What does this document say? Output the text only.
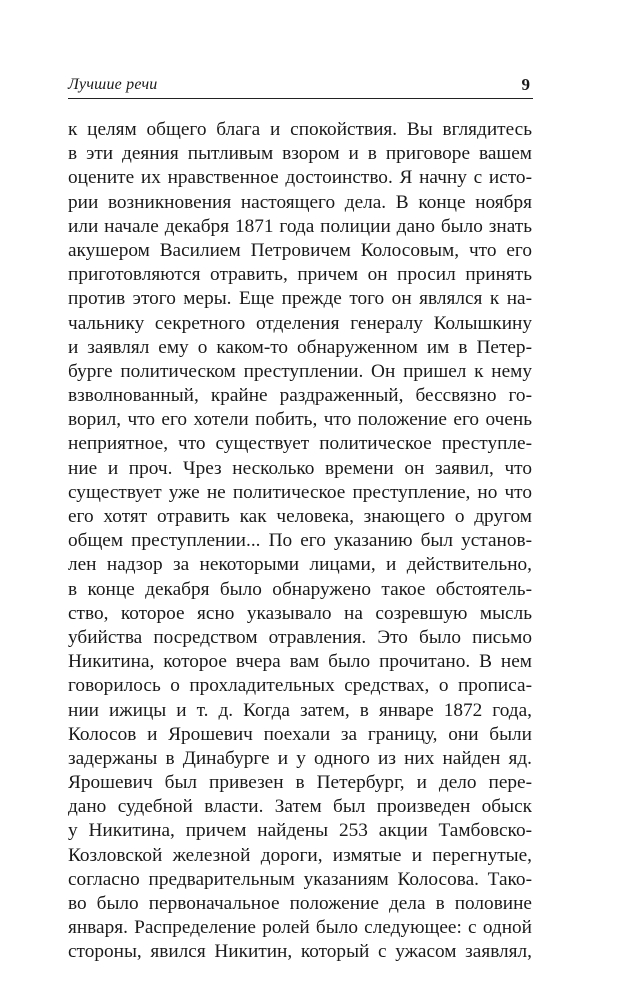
Лучшие речи	9
к целям общего блага и спокойствия. Вы вглядитесь
в эти деяния пытливым взором и в приговоре вашем
оцените их нравственное достоинство. Я начну с исто-
рии возникновения настоящего дела. В конце ноября
или начале декабря 1871 года полиции дано было знать
акушером Василием Петровичем Колосовым, что его
приготовляются отравить, причем он просил принять
против этого меры. Еще прежде того он являлся к на-
чальнику секретного отделения генералу Колышкину
и заявлял ему о каком-то обнаруженном им в Петер-
бурге политическом преступлении. Он пришел к нему
взволнованный, крайне раздраженный, бессвязно го-
ворил, что его хотели побить, что положение его очень
неприятное, что существует политическое преступле-
ние и проч. Чрез несколько времени он заявил, что
существует уже не политическое преступление, но что
его хотят отравить как человека, знающего о другом
общем преступлении... По его указанию был установ-
лен надзор за некоторыми лицами, и действительно,
в конце декабря было обнаружено такое обстоятель-
ство, которое ясно указывало на созревшую мысль
убийства посредством отравления. Это было письмо
Никитина, которое вчера вам было прочитано. В нем
говорилось о прохладительных средствах, о прописа-
нии ижицы и т. д. Когда затем, в январе 1872 года,
Колосов и Ярошевич поехали за границу, они были
задержаны в Динабурге и у одного из них найден яд.
Ярошевич был привезен в Петербург, и дело пере-
дано судебной власти. Затем был произведен обыск
у Никитина, причем найдены 253 акции Тамбовско-
Козловской железной дороги, измятые и перегнутые,
согласно предварительным указаниям Колосова. Тако-
во было первоначальное положение дела в половине
января. Распределение ролей было следующее: с одной
стороны, явился Никитин, который с ужасом заявлял,
